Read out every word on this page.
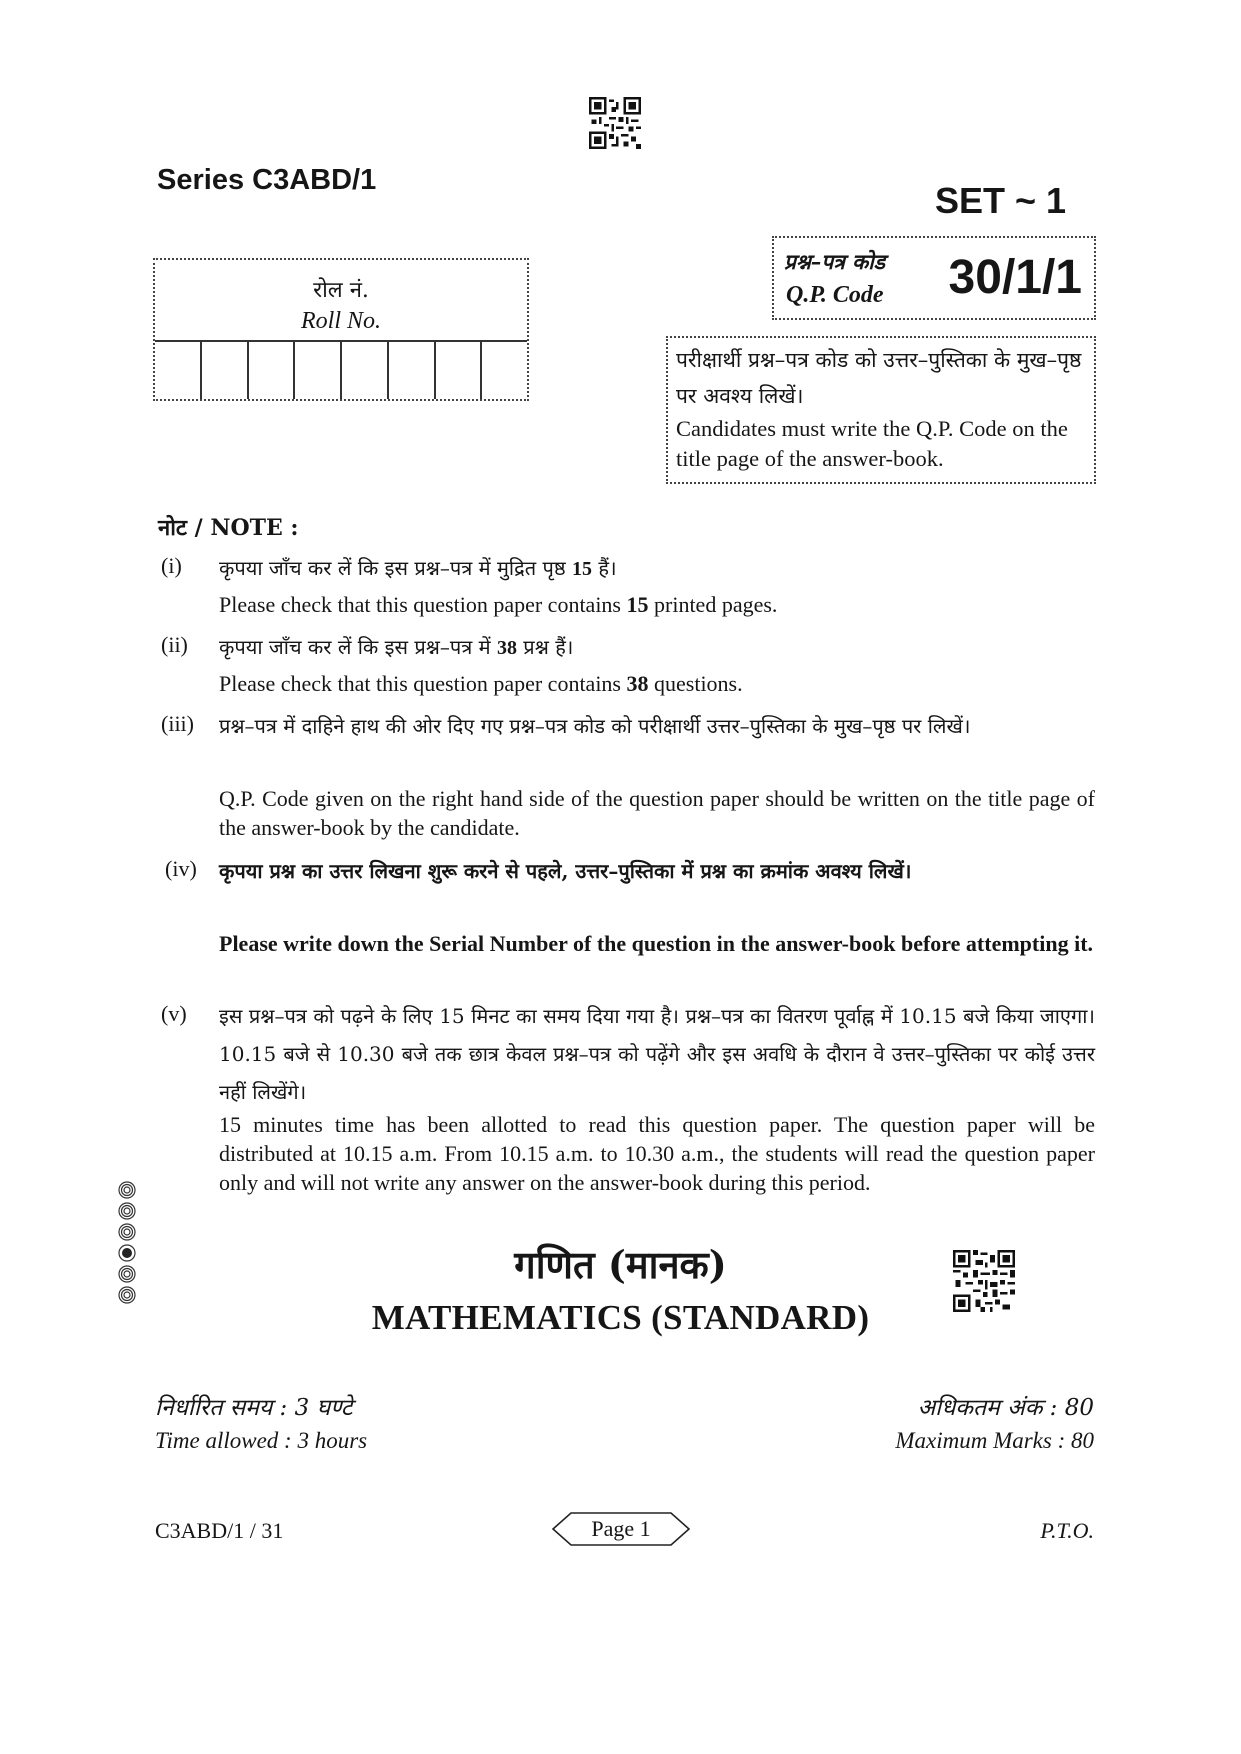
Series C3ABD/1	SET ~ 1
रोल नं.
Roll No.
प्रश्न–पत्र कोड
Q.P. Code 30/1/1
परीक्षार्थी प्रश्न–पत्र कोड को उत्तर–पुस्तिका के मुख–पृष्ठ पर अवश्य लिखें।
Candidates must write the Q.P. Code on the title page of the answer-book.
नोट / NOTE :
(i) कृपया जाँच कर लें कि इस प्रश्न–पत्र में मुद्रित पृष्ठ 15 हैं।
Please check that this question paper contains 15 printed pages.
(ii) कृपया जाँच कर लें कि इस प्रश्न–पत्र में 38 प्रश्न हैं।
Please check that this question paper contains 38 questions.
(iii) प्रश्न–पत्र में दाहिने हाथ की ओर दिए गए प्रश्न–पत्र कोड को परीक्षार्थी उत्तर–पुस्तिका के मुख–पृष्ठ पर लिखें।
Q.P. Code given on the right hand side of the question paper should be written on the title page of the answer-book by the candidate.
(iv) कृपया प्रश्न का उत्तर लिखना शुरू करने से पहले, उत्तर–पुस्तिका में प्रश्न का क्रमांक अवश्य लिखें।
Please write down the Serial Number of the question in the answer-book before attempting it.
(v) इस प्रश्न–पत्र को पढ़ने के लिए 15 मिनट का समय दिया गया है। प्रश्न–पत्र का वितरण पूर्वाह्न में 10.15 बजे किया जाएगा। 10.15 बजे से 10.30 बजे तक छात्र केवल प्रश्न–पत्र को पढ़ेंगे और इस अवधि के दौरान वे उत्तर–पुस्तिका पर कोई उत्तर नहीं लिखेंगे।
15 minutes time has been allotted to read this question paper. The question paper will be distributed at 10.15 a.m. From 10.15 a.m. to 10.30 a.m., the students will read the question paper only and will not write any answer on the answer-book during this period.
गणित (मानक)
MATHEMATICS (STANDARD)
निर्धारित समय : 3 घण्टे
Time allowed : 3 hours
अधिकतम अंक : 80
Maximum Marks : 80
C3ABD/1 / 31	Page 1	P.T.O.
